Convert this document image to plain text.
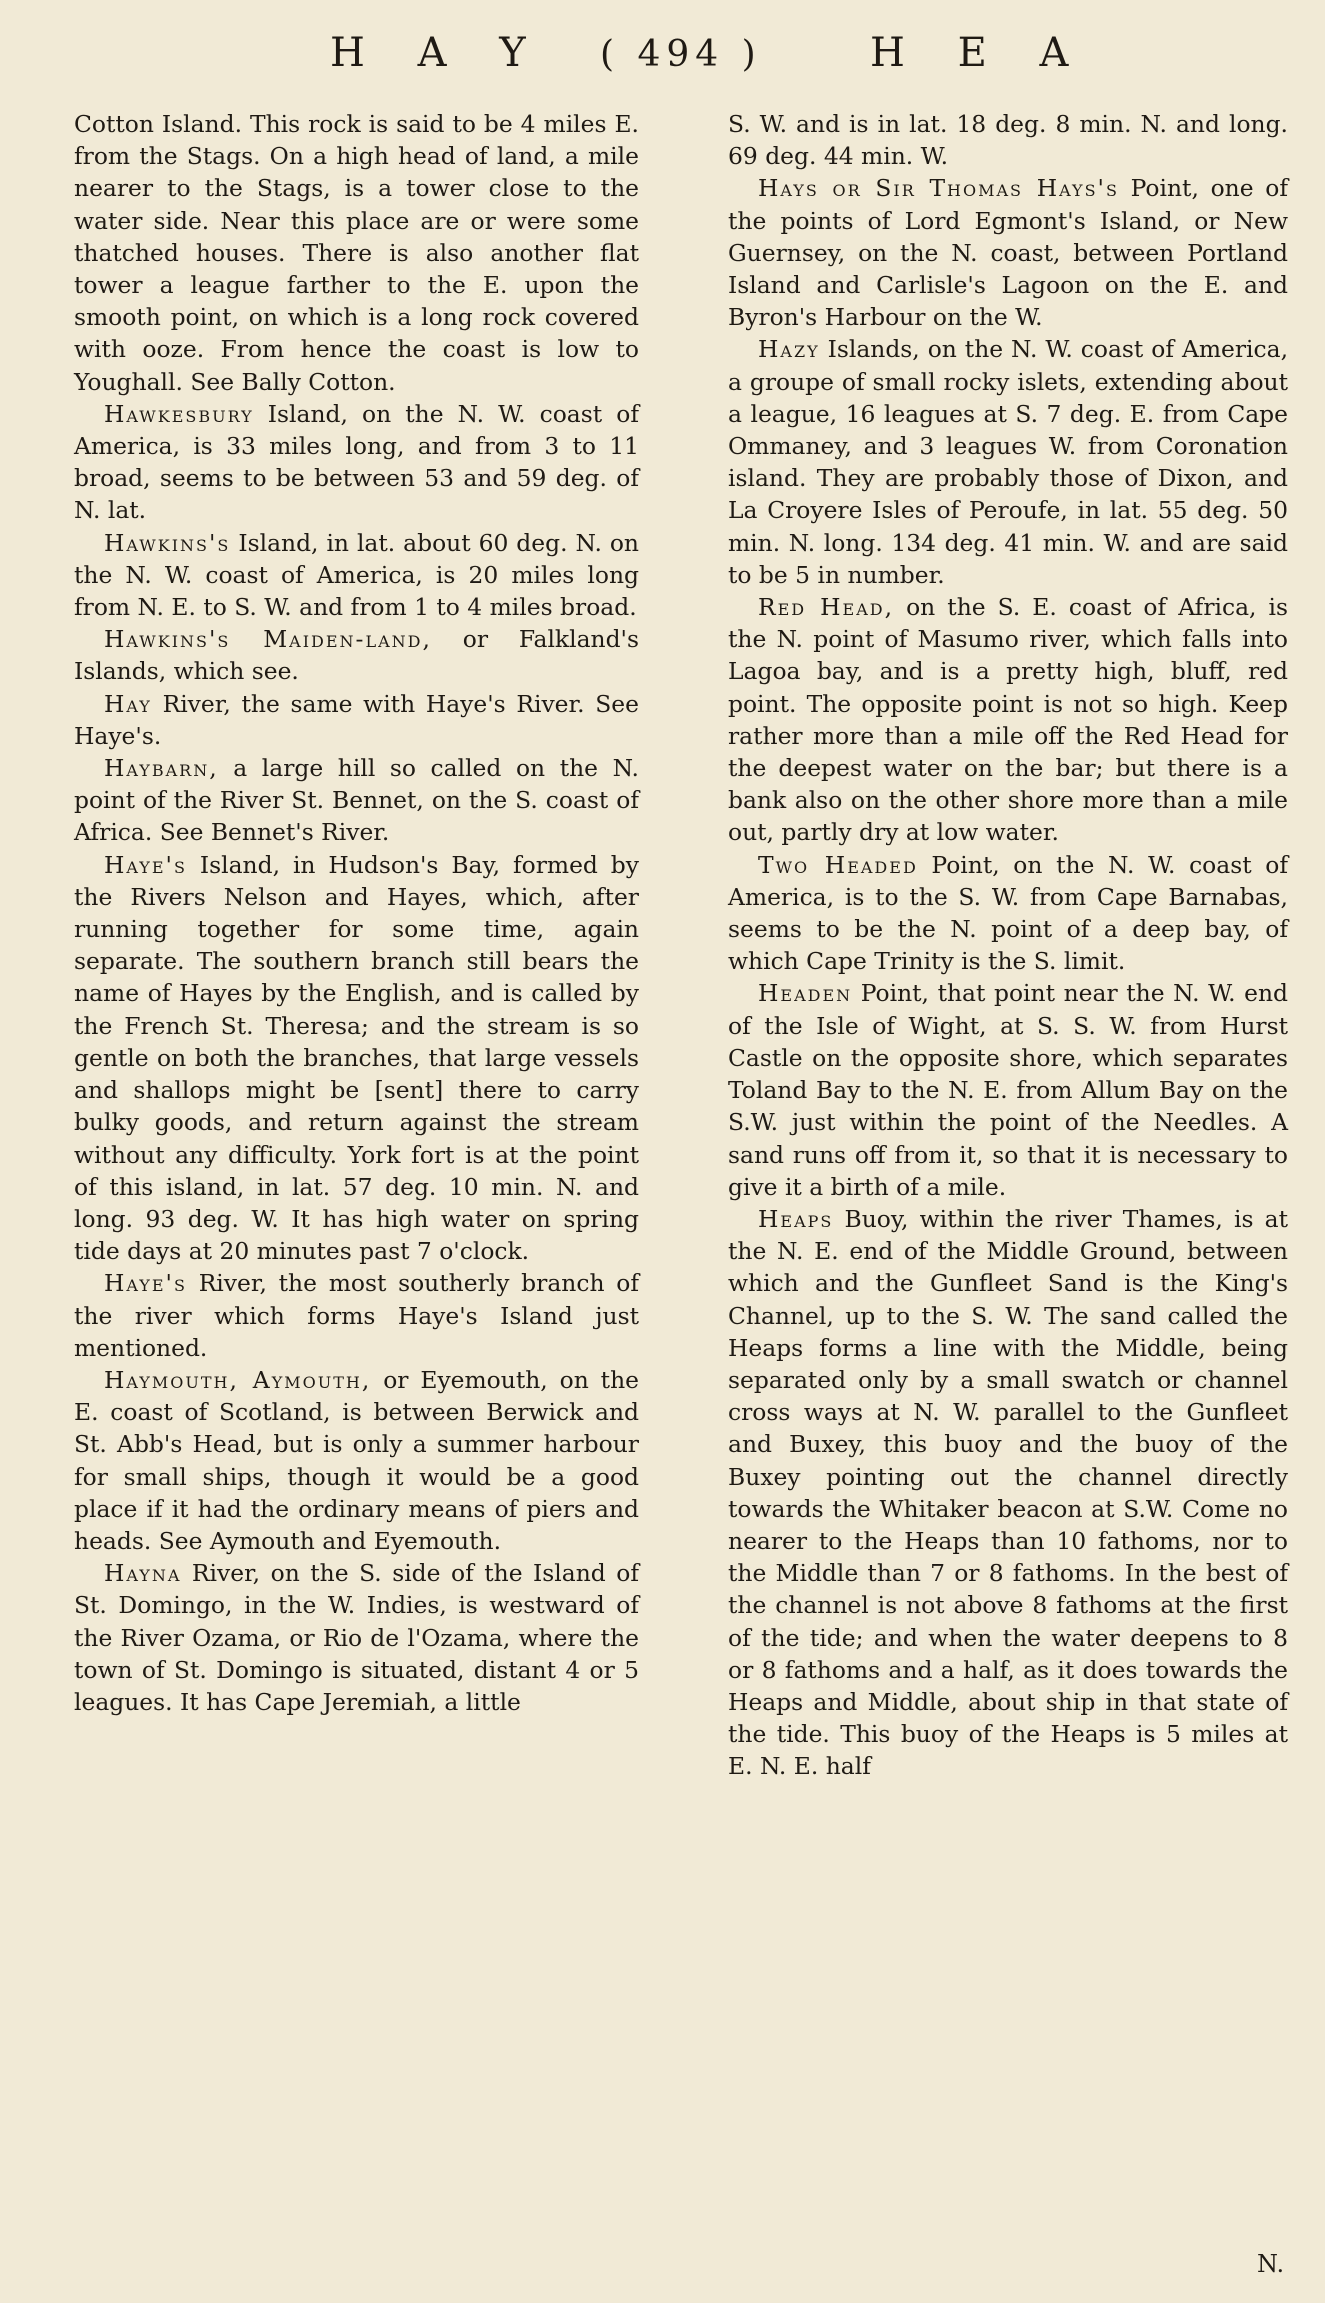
H A Y ( 494 )	H E A

Cotton Island. This rock is said to be 4 miles E. from the Stags. On a high head of land, a mile nearer to the Stags, is a tower close to the water side. Near this place are or were some thatched houses. There is also another flat tower a league farther to the E. upon the smooth point, on which is a long rock covered with ooze. From hence the coast is low to Youghall. See Bally Cotton.

Hawkesbury Island, on the N. W. coast of America, is 33 miles long, and from 3 to 11 broad, seems to be between 53 and 59 deg. of N. lat.

Hawkins's Island, in lat. about 60 deg. N. on the N. W. coast of America, is 20 miles long from N. E. to S. W. and from 1 to 4 miles broad.

Hawkins's Maiden-land, or Falkland's Islands, which see.

Hay River, the same with Haye's River. See Haye's.

Haybarn, a large hill so called on the N. point of the River St. Bennet, on the S. coast of Africa. See Bennet's River.

Haye's Island, in Hudson's Bay, formed by the Rivers Nelson and Hayes, which, after running together for some time, again separate. The southern branch still bears the name of Hayes by the English, and is called by the French St. Theresa; and the stream is so gentle on both the branches, that large vessels and shallops might be [sent] there to carry bulky goods, and return against the stream without any difficulty. York fort is at the point of this island, in lat. 57 deg. 10 min. N. and long. 93 deg. W. It has high water on spring tide days at 20 minutes past 7 o'clock.

Haye's River, the most southerly branch of the river which forms Haye's Island just mentioned.

Haymouth, Aymouth, or Eyemouth, on the E. coast of Scotland, is between Berwick and St. Abb's Head, but is only a summer harbour for small ships, though it would be a good place if it had the ordinary means of piers and heads. See Aymouth and Eyemouth.

Hayna River, on the S. side of the Island of St. Domingo, in the W. Indies, is westward of the River Ozama, or Rio de l'Ozama, where the town of St. Domingo is situated, distant 4 or 5 leagues. It has Cape Jeremiah, a little

S. W. and is in lat. 18 deg. 8 min. N. and long. 69 deg. 44 min. W.

Hays or Sir Thomas Hays's Point, one of the points of Lord Egmont's Island, or New Guernsey, on the N. coast, between Portland Island and Carlisle's Lagoon on the E. and Byron's Harbour on the W.

Hazy Islands, on the N. W. coast of America, a groupe of small rocky islets, extending about a league, 16 leagues at S. 7 deg. E. from Cape Ommaney, and 3 leagues W. from Coronation island. They are probably those of Dixon, and La Croyere Isles of Peroufe, in lat. 55 deg. 50 min. N. long. 134 deg. 41 min. W. and are said to be 5 in number.

Red Head, on the S. E. coast of Africa, is the N. point of Masumo river, which falls into Lagoa bay, and is a pretty high, bluff, red point. The opposite point is not so high. Keep rather more than a mile off the Red Head for the deepest water on the bar; but there is a bank also on the other shore more than a mile out, partly dry at low water.

Two Headed Point, on the N. W. coast of America, is to the S. W. from Cape Barnabas, seems to be the N. point of a deep bay, of which Cape Trinity is the S. limit.

Headen Point, that point near the N. W. end of the Isle of Wight, at S. S. W. from Hurst Castle on the opposite shore, which separates Toland Bay to the N. E. from Allum Bay on the S.W. just within the point of the Needles. A sand runs off from it, so that it is necessary to give it a birth of a mile.

Heaps Buoy, within the river Thames, is at the N. E. end of the Middle Ground, between which and the Gunfleet Sand is the King's Channel, up to the S. W. The sand called the Heaps forms a line with the Middle, being separated only by a small swatch or channel cross ways at N. W. parallel to the Gunfleet and Buxey, this buoy and the buoy of the Buxey pointing out the channel directly towards the Whitaker beacon at S.W. Come no nearer to the Heaps than 10 fathoms, nor to the Middle than 7 or 8 fathoms. In the best of the channel is not above 8 fathoms at the first of the tide; and when the water deepens to 8 or 8 fathoms and a half, as it does towards the Heaps and Middle, about ship in that state of the tide. This buoy of the Heaps is 5 miles at E. N. E. half

N.
